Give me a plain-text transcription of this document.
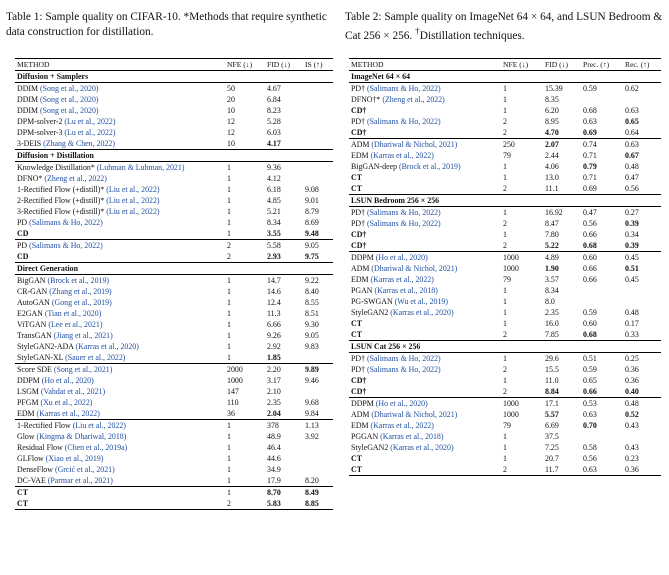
Table 1: Sample quality on CIFAR-10. *Methods that require synthetic data construction for distillation.
Table 2: Sample quality on ImageNet 64 × 64, and LSUN Bedroom & Cat 256 × 256. †Distillation techniques.
METHOD	NFE (↓)	FID (↓)	IS (↑)
Diffusion + Samplers			
DDIM (Song et al., 2020)	50	4.67	
DDIM (Song et al., 2020)	20	6.84	
DDIM (Song et al., 2020)	10	8.23	
DPM-solver-2 (Lu et al., 2022)	12	5.28	
DPM-solver-3 (Lu et al., 2022)	12	6.03	
3-DEIS (Zhang & Chen, 2022)	10	4.17	
Diffusion + Distillation			
Knowledge Distillation* (Luhman & Luhman, 2021)	1	9.36	
DFNO* (Zheng et al., 2022)	1	4.12	
1-Rectified Flow (+distill)* (Liu et al., 2022)	1	6.18	9.08
2-Rectified Flow (+distill)* (Liu et al., 2022)	1	4.85	9.01
3-Rectified Flow (+distill)* (Liu et al., 2022)	1	5.21	8.79
PD (Salimans & Ho, 2022)	1	8.34	8.69
CD	1	3.55	9.48
PD (Salimans & Ho, 2022)	2	5.58	9.05
CD	2	2.93	9.75
Direct Generation			
BigGAN (Brock et al., 2019)	1	14.7	9.22
CR-GAN (Zhang et al., 2019)	1	14.6	8.40
AutoGAN (Gong et al., 2019)	1	12.4	8.55
E2GAN (Tian et al., 2020)	1	11.3	8.51
ViTGAN (Lee et al., 2021)	1	6.66	9.30
TransGAN (Jiang et al., 2021)	1	9.26	9.05
StyleGAN2-ADA (Karras et al., 2020)	1	2.92	9.83
StyleGAN-XL (Sauer et al., 2022)	1	1.85	
Score SDE (Song et al., 2021)	2000	2.20	9.89
DDPM (Ho et al., 2020)	1000	3.17	9.46
LSGM (Vahdat et al., 2021)	147	2.10	
PFGM (Xu et al., 2022)	110	2.35	9.68
EDM (Karras et al., 2022)	36	2.04	9.84
1-Rectified Flow (Liu et al., 2022)	1	378	1.13
Glow (Kingma & Dhariwal, 2018)	1	48.9	3.92
Residual Flow (Chen et al., 2019a)	1	46.4	
GLFlow (Xiao et al., 2019)	1	44.6	
DenseFlow (Grcić et al., 2021)	1	34.9	
DC-VAE (Parmar et al., 2021)	1	17.9	8.20
CT	1	8.70	8.49
CT	2	5.83	8.85
METHOD	NFE (↓)	FID (↓)	Prec. (↑)	Rec. (↑)
ImageNet 64 × 64				
PD† (Salimans & Ho, 2022)	1	15.39	0.59	0.62
DFNO†* (Zheng et al., 2022)	1	8.35		
CD†	1	6.20	0.68	0.63
PD† (Salimans & Ho, 2022)	2	8.95	0.63	0.65
CD†	2	4.70	0.69	0.64
ADM (Dhariwal & Nichol, 2021)	250	2.07	0.74	0.63
EDM (Karras et al., 2022)	79	2.44	0.71	0.67
BigGAN-deep (Brock et al., 2019)	1	4.06	0.79	0.48
CT	1	13.0	0.71	0.47
CT	2	11.1	0.69	0.56
LSUN Bedroom 256 × 256				
PD† (Salimans & Ho, 2022)	1	16.92	0.47	0.27
PD† (Salimans & Ho, 2022)	2	8.47	0.56	0.39
CD†	1	7.80	0.66	0.34
CD†	2	5.22	0.68	0.39
DDPM (Ho et al., 2020)	1000	4.89	0.60	0.45
ADM (Dhariwal & Nichol, 2021)	1000	1.90	0.66	0.51
EDM (Karras et al., 2022)	79	3.57	0.66	0.45
PGAN (Karras et al., 2018)	1	8.34		
PG-SWGAN (Wu et al., 2019)	1	8.0		
StyleGAN2 (Karras et al., 2020)	1	2.35	0.59	0.48
CT	1	16.0	0.60	0.17
CT	2	7.85	0.68	0.33
LSUN Cat 256 × 256				
PD† (Salimans & Ho, 2022)	1	29.6	0.51	0.25
PD† (Salimans & Ho, 2022)	2	15.5	0.59	0.36
CD†	1	11.0	0.65	0.36
CD†	2	8.84	0.66	0.40
DDPM (Ho et al., 2020)	1000	17.1	0.53	0.48
ADM (Dhariwal & Nichol, 2021)	1000	5.57	0.63	0.52
EDM (Karras et al., 2022)	79	6.69	0.70	0.43
PGGAN (Karras et al., 2018)	1	37.5		
StyleGAN2 (Karras et al., 2020)	1	7.25	0.58	0.43
CT	1	20.7	0.56	0.23
CT	2	11.7	0.63	0.36
